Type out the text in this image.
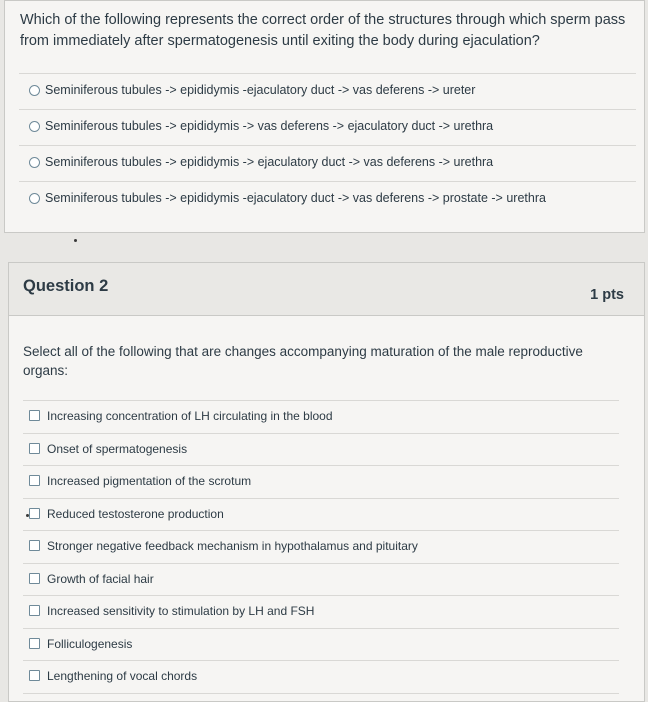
Which of the following represents the correct order of the structures through which sperm pass from immediately after spermatogenesis until exiting the body during ejaculation?
Seminiferous tubules -> epididymis -ejaculatory duct -> vas deferens -> ureter
Seminiferous tubules -> epididymis -> vas deferens -> ejaculatory duct -> urethra
Seminiferous tubules -> epididymis -> ejaculatory duct -> vas deferens -> urethra
Seminiferous tubules -> epididymis -ejaculatory duct -> vas deferens -> prostate -> urethra
Question 2	1 pts
Select all of the following that are changes accompanying maturation of the male reproductive organs:
Increasing concentration of LH circulating in the blood
Onset of spermatogenesis
Increased pigmentation of the scrotum
Reduced testosterone production
Stronger negative feedback mechanism in hypothalamus and pituitary
Growth of facial hair
Increased sensitivity to stimulation by LH and FSH
Folliculogenesis
Lengthening of vocal chords
